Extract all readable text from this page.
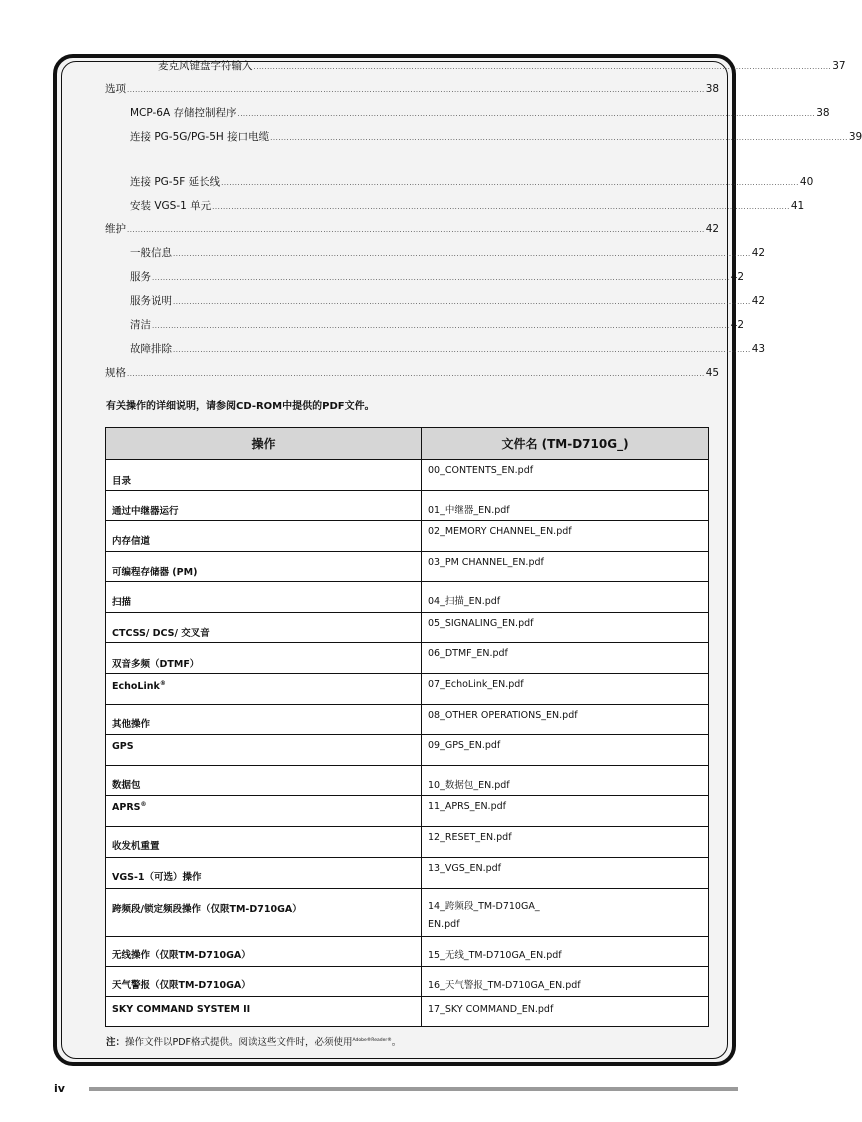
麦克风键盘字符输入 .................................................................................................................................................................................................................... 37
选项 .................................................................................................................................................................................................................... 38
MCP-6A 存储控制程序 .................................................................................................................................................................................................................... 38
连接 PG-5G/PG-5H 接口电缆 .................................................................................................................................................................................................................... 39
连接 PG-5F 延长线 .................................................................................................................................................................................................................... 40
安装 VGS-1 单元 .................................................................................................................................................................................................................... 41
维护 .................................................................................................................................................................................................................... 42
一般信息 .................................................................................................................................................................................................................... 42
服务 .................................................................................................................................................................................................................... 42
服务说明 .................................................................................................................................................................................................................... 42
清洁 .................................................................................................................................................................................................................... 42
故障排除 .................................................................................................................................................................................................................... 43
规格 .................................................................................................................................................................................................................... 45
有关操作的详细说明，请参阅CD-ROM中提供的PDF文件。
操作	文件名 (TM-D710G_)
目录	00_CONTENTS_EN.pdf
通过中继器运行	01_中继器_EN.pdf
内存信道	02_MEMORY CHANNEL_EN.pdf
可编程存储器 (PM)	03_PM CHANNEL_EN.pdf
扫描	04_扫描_EN.pdf
CTCSS/ DCS/ 交叉音	05_SIGNALING_EN.pdf
双音多频（DTMF）	06_DTMF_EN.pdf
EchoLink®	07_EchoLink_EN.pdf
其他操作	08_OTHER OPERATIONS_EN.pdf
GPS	09_GPS_EN.pdf
数据包	10_数据包_EN.pdf
APRS®	11_APRS_EN.pdf
收发机重置	12_RESET_EN.pdf
VGS-1（可选）操作	13_VGS_EN.pdf
跨频段/锁定频段操作（仅限TM-D710GA）	14_跨频段_TM-D710GA_
EN.pdf
无线操作（仅限TM-D710GA）	15_无线_TM-D710GA_EN.pdf
天气警报（仅限TM-D710GA）	16_天气警报_TM-D710GA_EN.pdf
SKY COMMAND SYSTEM II	17_SKY COMMAND_EN.pdf
注：操作文件以PDF格式提供。阅读这些文件时，必须使用$^{Adobe®Reader®}$。
iv
